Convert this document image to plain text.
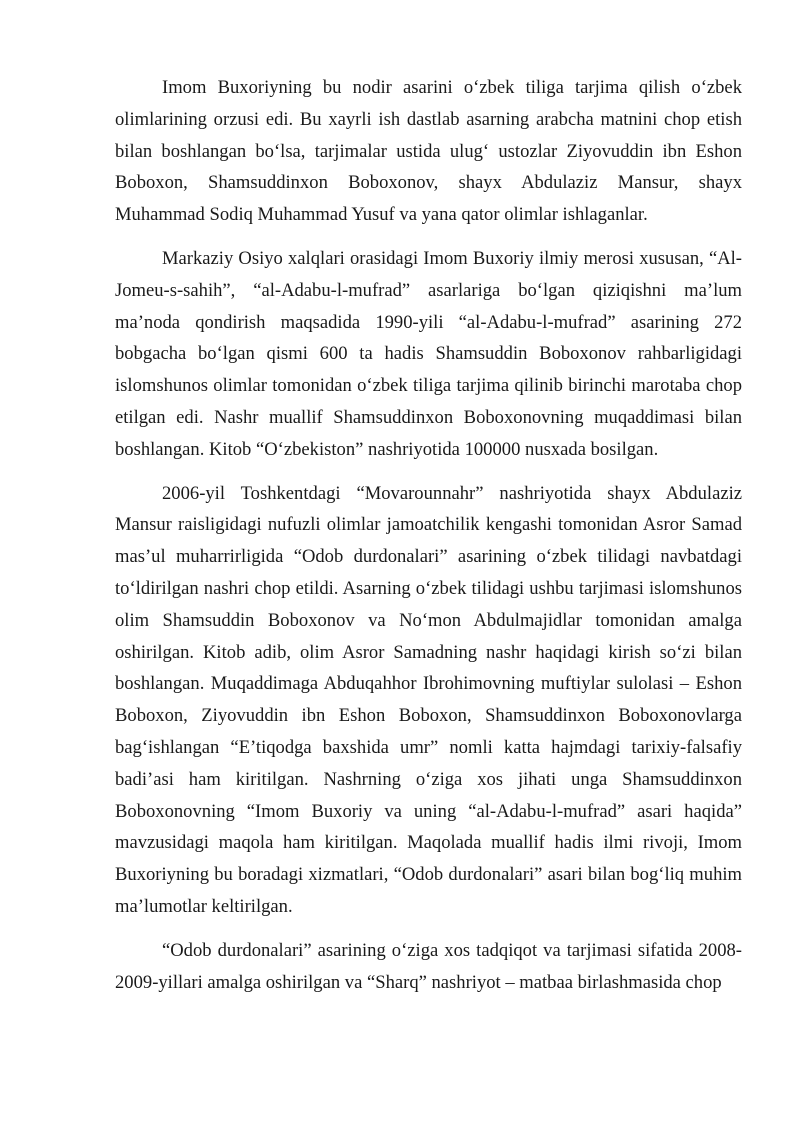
Imom Buxoriyning bu nodir asarini o‘zbek tiliga tarjima qilish o‘zbek olimlarining orzusi edi. Bu xayrli ish dastlab asarning arabcha matnini chop etish bilan boshlangan bo‘lsa, tarjimalar ustida ulug‘ ustozlar Ziyovuddin ibn Eshon Boboxon, Shamsuddinxon Boboxonov, shayx Abdulaziz Mansur, shayx Muhammad Sodiq Muhammad Yusuf va yana qator olimlar ishlaganlar.

Markaziy Osiyo xalqlari orasidagi Imom Buxoriy ilmiy merosi xususan, “Al-Jomeu-s-sahih”, “al-Adabu-l-mufrad” asarlariga bo‘lgan qiziqishni ma’lum ma’noda qondirish maqsadida 1990-yili “al-Adabu-l-mufrad” asarining 272 bobgacha bo‘lgan qismi 600 ta hadis Shamsuddin Boboxonov rahbarligidagi islomshunos olimlar tomonidan o‘zbek tiliga tarjima qilinib birinchi marotaba chop etilgan edi. Nashr muallif Shamsuddinxon Boboxonovning muqaddimasi bilan boshlangan. Kitob “O‘zbekiston” nashriyotida 100000 nusxada bosilgan.

2006-yil Toshkentdagi “Movarounnahr” nashriyotida shayx Abdulaziz Mansur raisligidagi nufuzli olimlar jamoatchilik kengashi tomonidan Asror Samad mas’ul muharrirligida “Odob durdonalari” asarining o‘zbek tilidagi navbatdagi to‘ldirilgan nashri chop etildi. Asarning o‘zbek tilidagi ushbu tarjimasi islomshunos olim Shamsuddin Boboxonov va No‘mon Abdulmajidlar tomonidan amalga oshirilgan. Kitob adib, olim Asror Samadning nashr haqidagi kirish so‘zi bilan boshlangan. Muqaddimaga Abduqahhor Ibrohimovning muftiylar sulolasi – Eshon Boboxon, Ziyovuddin ibn Eshon Boboxon, Shamsuddinxon Boboxonovlarga bag‘ishlangan “E’tiqodga baxshida umr” nomli katta hajmdagi tarixiy-falsafiy badi’asi ham kiritilgan. Nashrning o‘ziga xos jihati unga Shamsuddinxon Boboxonovning “Imom Buxoriy va uning “al-Adabu-l-mufrad” asari haqida” mavzusidagi maqola ham kiritilgan. Maqolada muallif hadis ilmi rivoji, Imom Buxoriyning bu boradagi xizmatlari, “Odob durdonalari” asari bilan bog‘liq muhim ma’lumotlar keltirilgan.

“Odob durdonalari” asarining o‘ziga xos tadqiqot va tarjimasi sifatida 2008-2009-yillari amalga oshirilgan va “Sharq” nashriyot – matbaa birlashmasida chop
